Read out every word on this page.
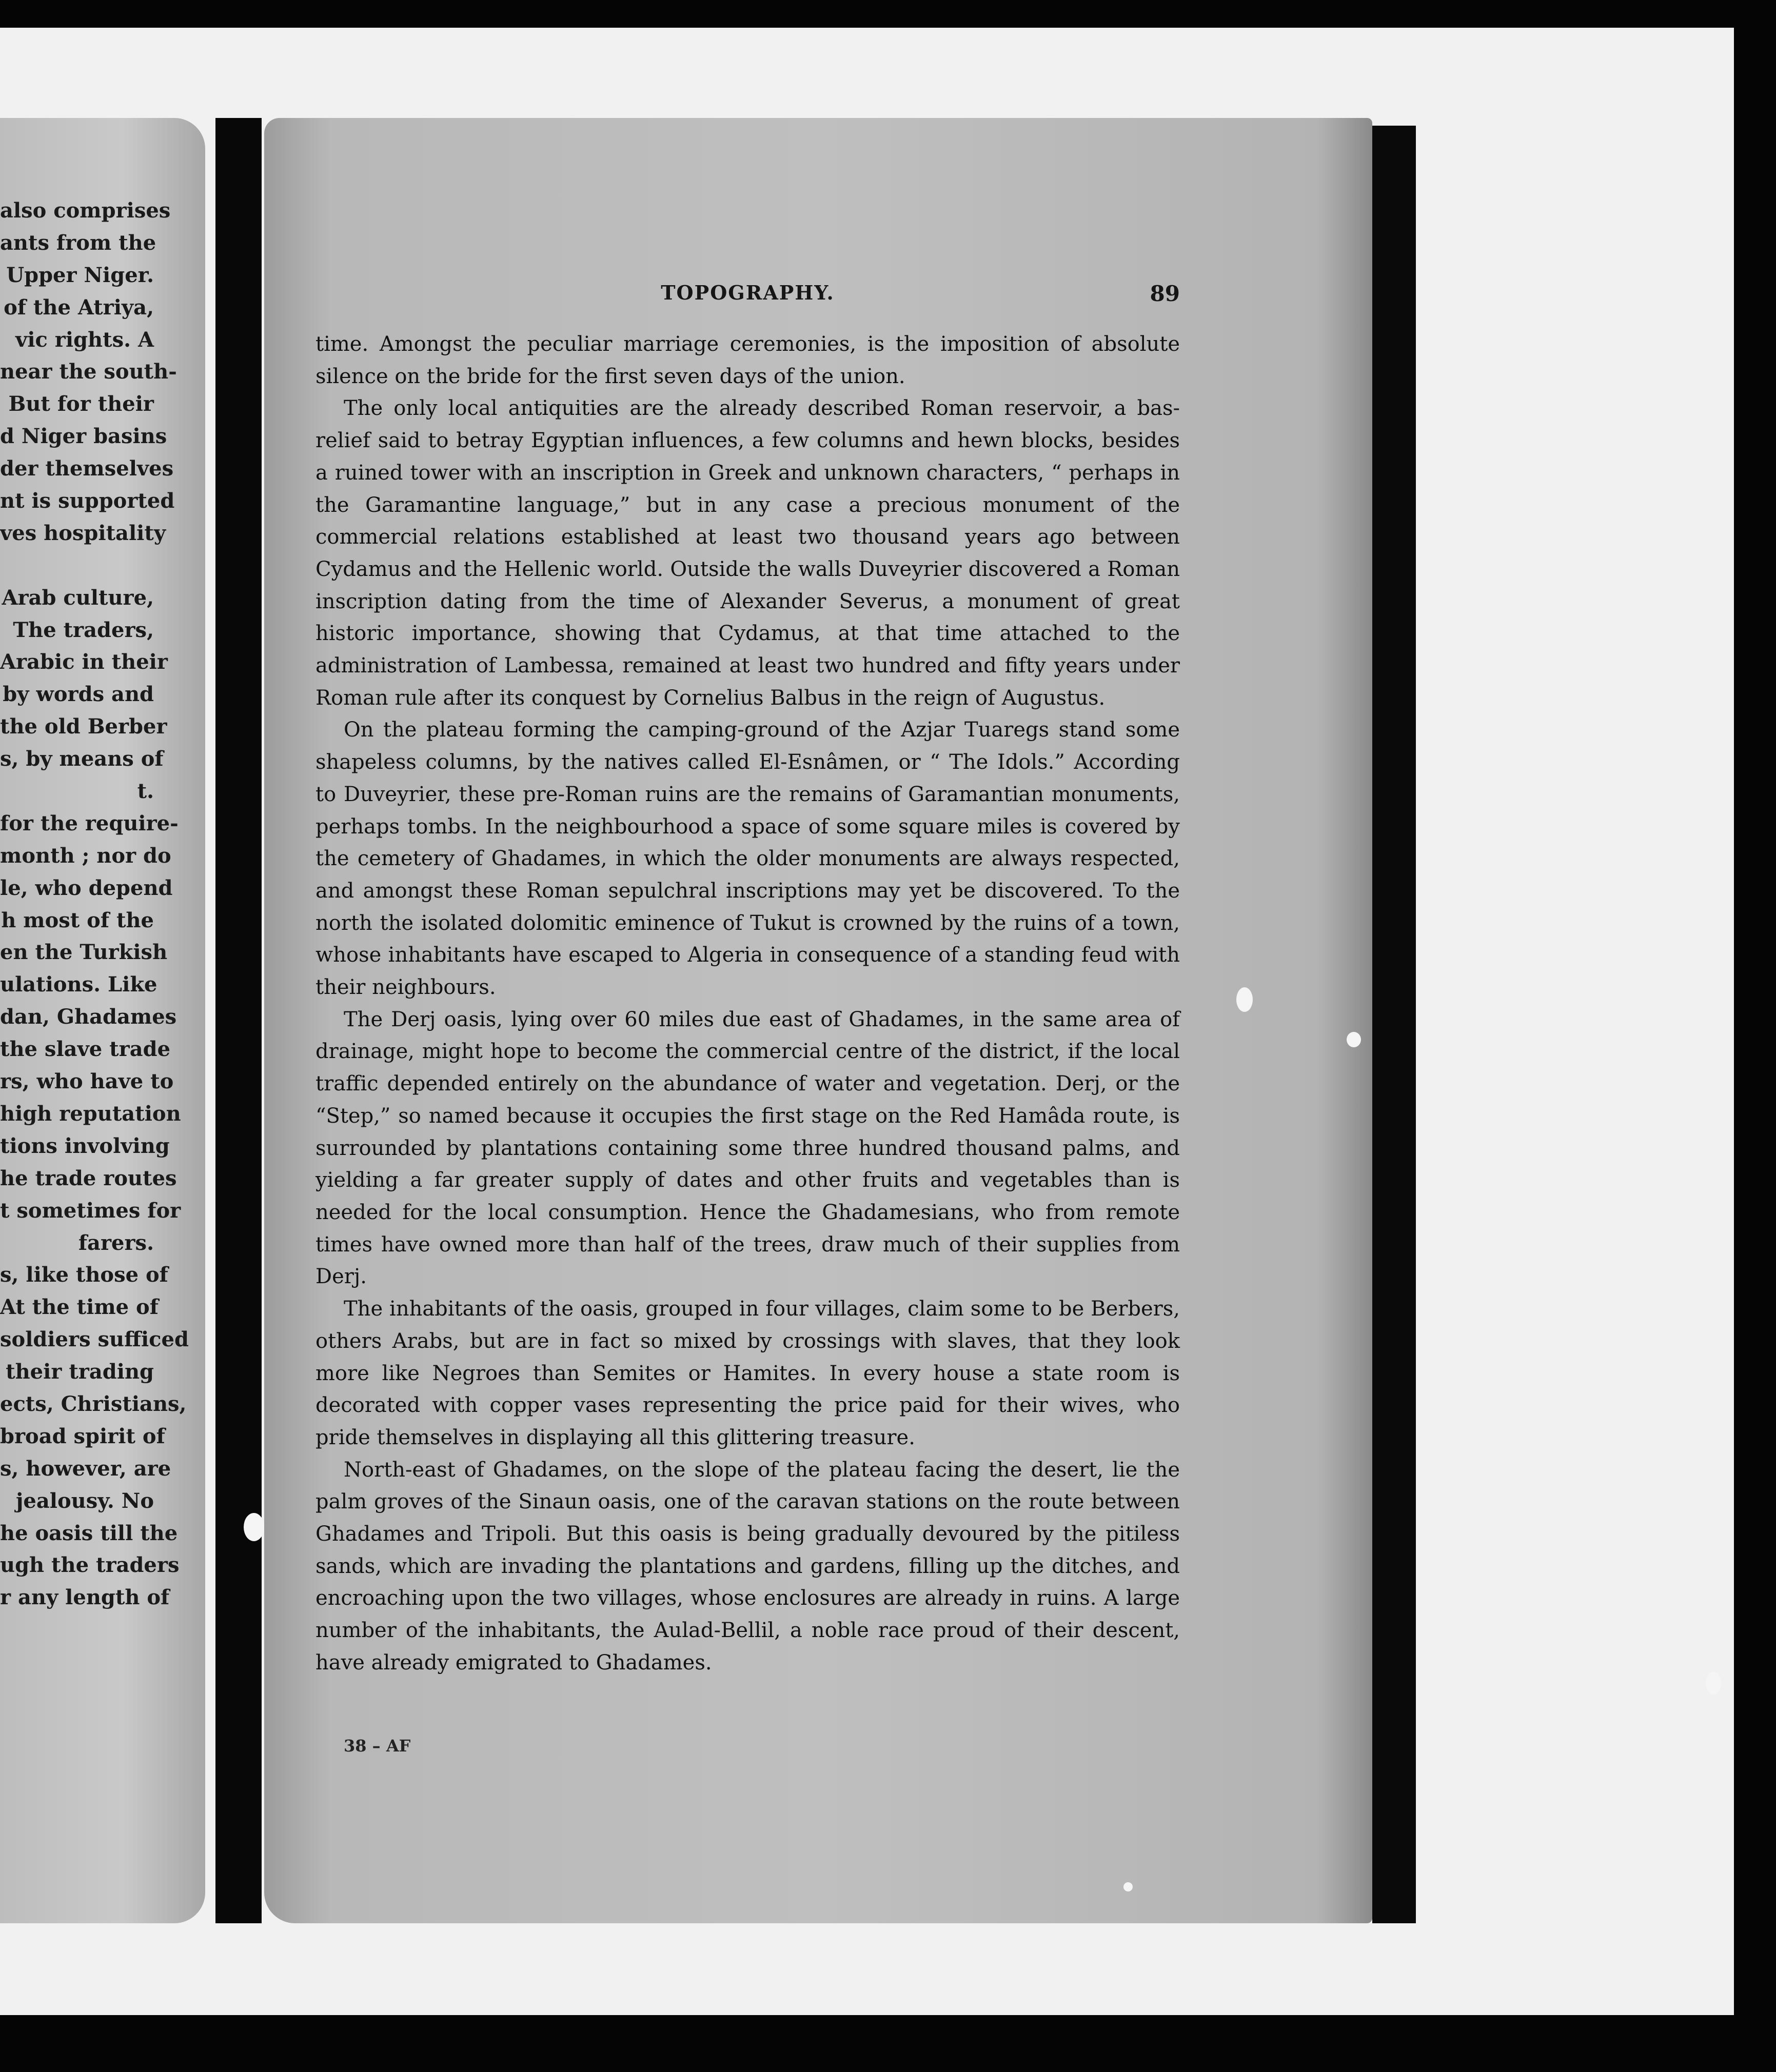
also comprises
ants from the
Upper Niger.
of the Atriya,
vic rights. A
near the south-
But for their
d Niger basins
der themselves
nt is supported
ves hospitality
Arab culture,
The traders,
Arabic in their
by words and
the old Berber
s, by means of
t.
for the require-
month ; nor do
le, who depend
h most of the
en the Turkish
ulations. Like
dan, Ghadames
the slave trade
rs, who have to
high reputation
tions involving
he trade routes
t sometimes for
farers.
s, like those of
At the time of
soldiers sufficed
their trading
ects, Christians,
broad spirit of
s, however, are
jealousy. No
he oasis till the
ugh the traders
r any length of
TOPOGRAPHY.	89

time. Amongst the peculiar marriage ceremonies, is the imposition of absolute silence on the bride for the first seven days of the union.

The only local antiquities are the already described Roman reservoir, a bas-relief said to betray Egyptian influences, a few columns and hewn blocks, besides a ruined tower with an inscription in Greek and unknown characters, “ perhaps in the Garamantine language,” but in any case a precious monument of the commercial relations established at least two thousand years ago between Cydamus and the Hellenic world. Outside the walls Duveyrier discovered a Roman inscription dating from the time of Alexander Severus, a monument of great historic importance, showing that Cydamus, at that time attached to the administration of Lambessa, remained at least two hundred and fifty years under Roman rule after its conquest by Cornelius Balbus in the reign of Augustus.

On the plateau forming the camping-ground of the Azjar Tuaregs stand some shapeless columns, by the natives called El-Esnâmen, or “ The Idols.” According to Duveyrier, these pre-Roman ruins are the remains of Garamantian monuments, perhaps tombs. In the neighbourhood a space of some square miles is covered by the cemetery of Ghadames, in which the older monuments are always respected, and amongst these Roman sepulchral inscriptions may yet be discovered. To the north the isolated dolomitic eminence of Tukut is crowned by the ruins of a town, whose inhabitants have escaped to Algeria in consequence of a standing feud with their neighbours.

The Derj oasis, lying over 60 miles due east of Ghadames, in the same area of drainage, might hope to become the commercial centre of the district, if the local traffic depended entirely on the abundance of water and vegetation. Derj, or the “Step,” so named because it occupies the first stage on the Red Hamâda route, is surrounded by plantations containing some three hundred thousand palms, and yielding a far greater supply of dates and other fruits and vegetables than is needed for the local consumption. Hence the Ghadamesians, who from remote times have owned more than half of the trees, draw much of their supplies from Derj.

The inhabitants of the oasis, grouped in four villages, claim some to be Berbers, others Arabs, but are in fact so mixed by crossings with slaves, that they look more like Negroes than Semites or Hamites. In every house a state room is decorated with copper vases representing the price paid for their wives, who pride themselves in displaying all this glittering treasure.

North-east of Ghadames, on the slope of the plateau facing the desert, lie the palm groves of the Sinaun oasis, one of the caravan stations on the route between Ghadames and Tripoli. But this oasis is being gradually devoured by the pitiless sands, which are invading the plantations and gardens, filling up the ditches, and encroaching upon the two villages, whose enclosures are already in ruins. A large number of the inhabitants, the Aulad-Bellil, a noble race proud of their descent, have already emigrated to Ghadames.

38 – AF
